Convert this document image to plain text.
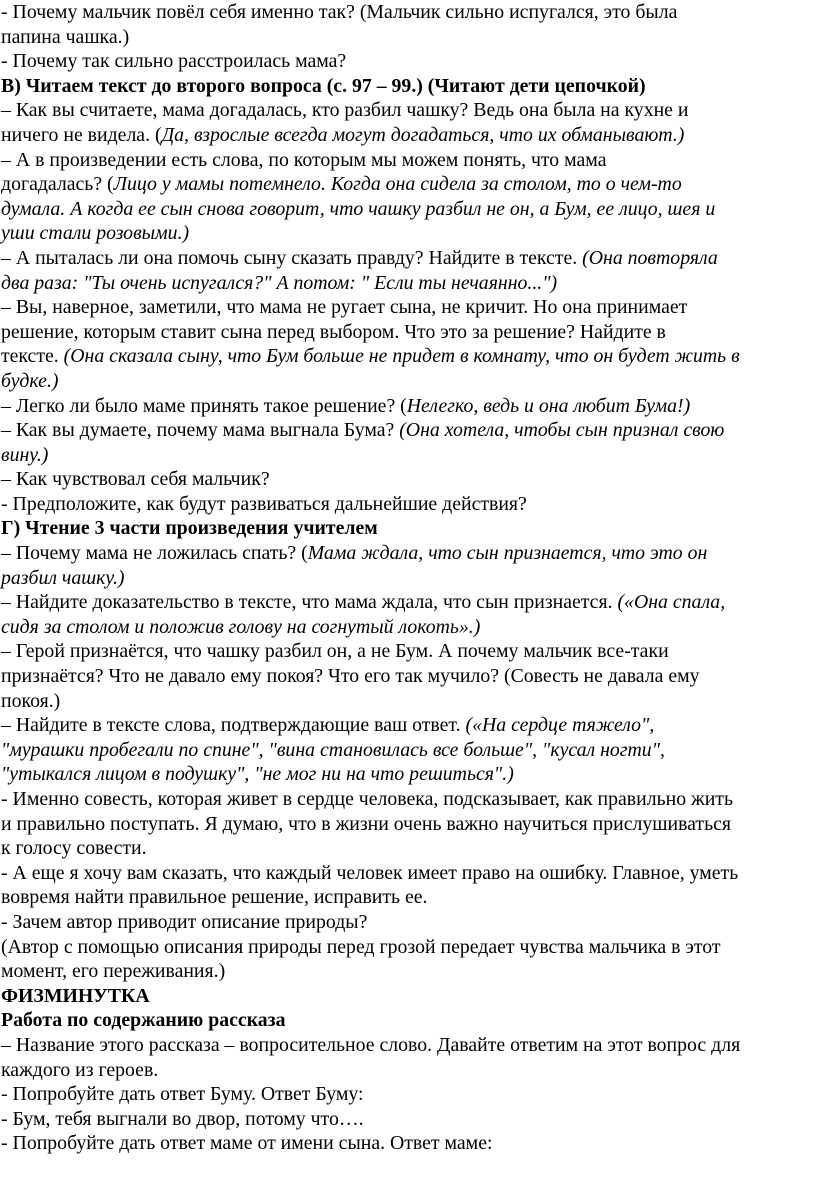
- Почему мальчик повёл себя именно так? (Мальчик сильно испугался, это была
папина чашка.)
- Почему так сильно расстроилась мама?
В) Читаем текст до второго вопроса (с. 97 – 99.) (Читают дети цепочкой)
– Как вы считаете, мама догадалась, кто разбил чашку? Ведь она была на кухне и
ничего не видела. (Да, взрослые всегда могут догадаться, что их обманывают.)
– А в произведении есть слова, по которым мы можем понять, что мама
догадалась? (Лицо у мамы потемнело. Когда она сидела за столом, то о чем-то
думала. А когда ее сын снова говорит, что чашку разбил не он, а Бум, ее лицо, шея и
уши стали розовыми.)
– А пыталась ли она помочь сыну сказать правду? Найдите в тексте. (Она повторяла
два раза: "Ты очень испугался?" А потом: " Если ты нечаянно...")
– Вы, наверное, заметили, что мама не ругает сына, не кричит. Но она принимает
решение, которым ставит сына перед выбором. Что это за решение? Найдите в
тексте. (Она сказала сыну, что Бум больше не придет в комнату, что он будет жить в
будке.)
– Легко ли было маме принять такое решение? (Нелегко, ведь и она любит Бума!)
– Как вы думаете, почему мама выгнала Бума? (Она хотела, чтобы сын признал свою
вину.)
– Как чувствовал себя мальчик?
- Предположите, как будут развиваться дальнейшие действия?
Г) Чтение 3 части произведения учителем
– Почему мама не ложилась спать? (Мама ждала, что сын признается, что это он
разбил чашку.)
– Найдите доказательство в тексте, что мама ждала, что сын признается. («Она спала,
сидя за столом и положив голову на согнутый локоть».)
– Герой признаётся, что чашку разбил он, а не Бум. А почему мальчик все-таки
признаётся? Что не давало ему покоя? Что его так мучило? (Совесть не давала ему
покоя.)
– Найдите в тексте слова, подтверждающие ваш ответ. («На сердце тяжело",
"мурашки пробегали по спине", "вина становилась все больше", "кусал ногти",
"утыкался лицом в подушку", "не мог ни на что решиться".)
- Именно совесть, которая живет в сердце человека, подсказывает, как правильно жить
и правильно поступать. Я думаю, что в жизни очень важно научиться прислушиваться
к голосу совести.
- А еще я хочу вам сказать, что каждый человек имеет право на ошибку. Главное, уметь
вовремя найти правильное решение, исправить ее.
- Зачем автор приводит описание природы?
(Автор с помощью описания природы перед грозой передает чувства мальчика в этот
момент, его переживания.)
ФИЗМИНУТКА
Работа по содержанию рассказа
– Название этого рассказа – вопросительное слово. Давайте ответим на этот вопрос для
каждого из героев.
- Попробуйте дать ответ Буму. Ответ Буму:
- Бум, тебя выгнали во двор, потому что….
- Попробуйте дать ответ маме от имени сына. Ответ маме:
